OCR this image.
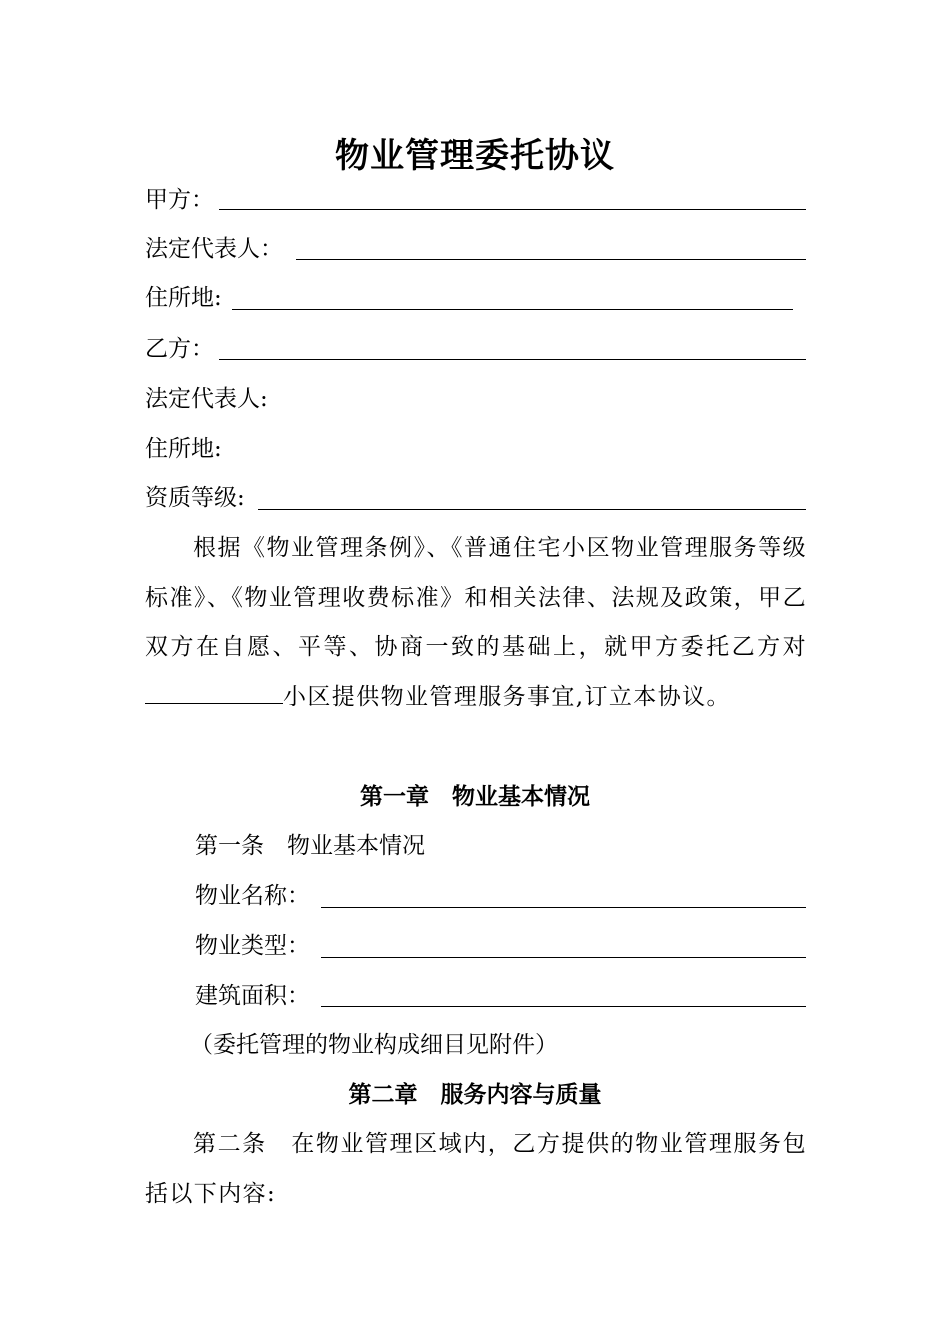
物业管理委托协议
甲方：
法定代表人：
住所地:
乙方：
法定代表人:
住所地:
资质等级:
根据《物业管理条例》、《普通住宅小区物业管理服务等级标准》、《物业管理收费标准》和相关法律、法规及政策，甲乙双方在自愿、平等、协商一致的基础上，就甲方委托乙方对小区提供物业管理服务事宜,订立本协议。
第一章　物业基本情况
第一条　物业基本情况
物业名称：
物业类型：
建筑面积：
（委托管理的物业构成细目见附件）
第二章　服务内容与质量
第二条　在物业管理区域内，乙方提供的物业管理服务包括以下内容:
